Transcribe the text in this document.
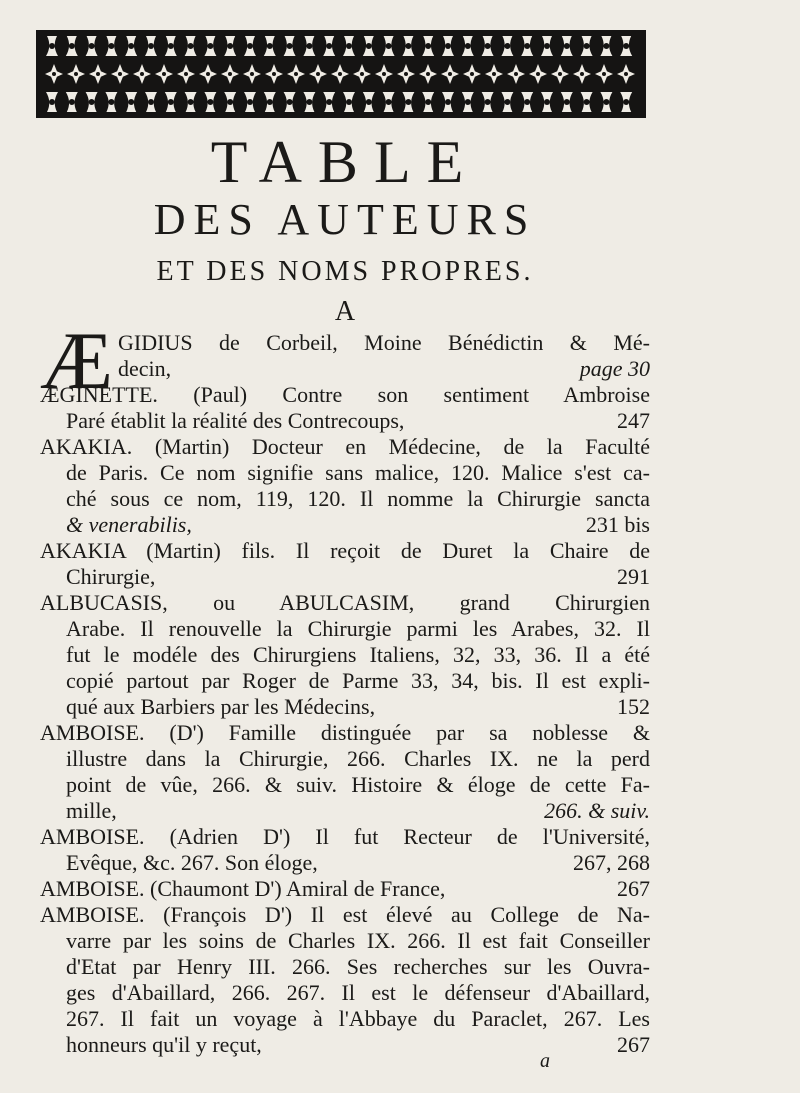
TABLE
DES AUTEURS
ET DES NOMS PROPRES.
A
Æ GIDIUS de Corbeil, Moine Bénédictin & Mé-
decin,	page 30
ÆGINETTE. (Paul) Contre son sentiment Ambroise
Paré établit la réalité des Contrecoups,	247
AKAKIA. (Martin) Docteur en Médecine, de la Faculté
de Paris. Ce nom signifie sans malice, 120. Malice s'est ca-
ché sous ce nom, 119, 120. Il nomme la Chirurgie sancta
& venerabilis,	231 bis
AKAKIA (Martin) fils. Il reçoit de Duret la Chaire de
Chirurgie,	291
ALBUCASIS, ou ABULCASIM, grand Chirurgien
Arabe. Il renouvelle la Chirurgie parmi les Arabes, 32. Il
fut le modéle des Chirurgiens Italiens, 32, 33, 36. Il a été
copié partout par Roger de Parme 33, 34, bis. Il est expli-
qué aux Barbiers par les Médecins,	152
AMBOISE. (D') Famille distinguée par sa noblesse &
illustre dans la Chirurgie, 266. Charles IX. ne la perd
point de vûe, 266. & suiv. Histoire & éloge de cette Fa-
mille,	266. & suiv.
AMBOISE. (Adrien D') Il fut Recteur de l'Université,
Evêque, &c. 267. Son éloge,	267, 268
AMBOISE. (Chaumont D') Amiral de France,	267
AMBOISE. (François D') Il est élevé au College de Na-
varre par les soins de Charles IX. 266. Il est fait Conseiller
d'Etat par Henry III. 266. Ses recherches sur les Ouvra-
ges d'Abaillard, 266. 267. Il est le défenseur d'Abaillard,
267. Il fait un voyage à l'Abbaye du Paraclet, 267. Les
honneurs qu'il y reçut,	267
a
